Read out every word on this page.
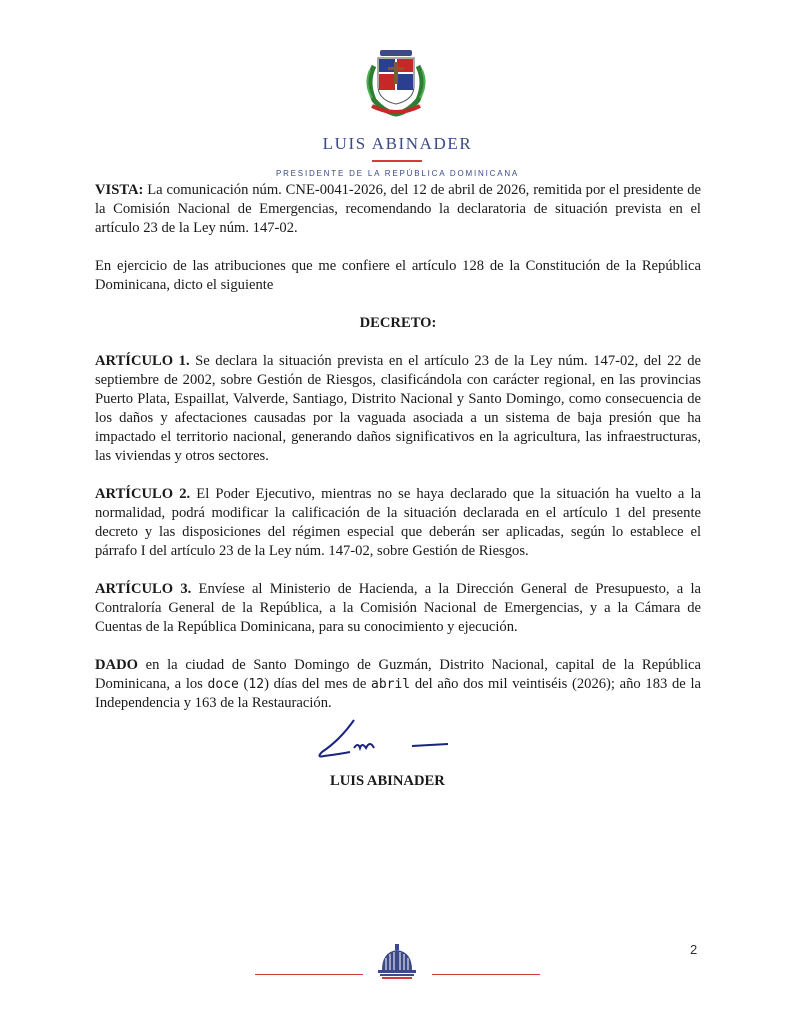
LUIS ABINADER
PRESIDENTE DE LA REPÚBLICA DOMINICANA

VISTA: La comunicación núm. CNE-0041-2026, del 12 de abril de 2026, remitida por el presidente de la Comisión Nacional de Emergencias, recomendando la declaratoria de situación prevista en el artículo 23 de la Ley núm. 147-02.

En ejercicio de las atribuciones que me confiere el artículo 128 de la Constitución de la República Dominicana, dicto el siguiente

DECRETO:

ARTÍCULO 1. Se declara la situación prevista en el artículo 23 de la Ley núm. 147-02, del 22 de septiembre de 2002, sobre Gestión de Riesgos, clasificándola con carácter regional, en las provincias Puerto Plata, Espaillat, Valverde, Santiago, Distrito Nacional y Santo Domingo, como consecuencia de los daños y afectaciones causadas por la vaguada asociada a un sistema de baja presión que ha impactado el territorio nacional, generando daños significativos en la agricultura, las infraestructuras, las viviendas y otros sectores.

ARTÍCULO 2. El Poder Ejecutivo, mientras no se haya declarado que la situación ha vuelto a la normalidad, podrá modificar la calificación de la situación declarada en el artículo 1 del presente decreto y las disposiciones del régimen especial que deberán ser aplicadas, según lo establece el párrafo I del artículo 23 de la Ley núm. 147-02, sobre Gestión de Riesgos.

ARTÍCULO 3. Envíese al Ministerio de Hacienda, a la Dirección General de Presupuesto, a la Contraloría General de la República, a la Comisión Nacional de Emergencias, y a la Cámara de Cuentas de la República Dominicana, para su conocimiento y ejecución.

DADO en la ciudad de Santo Domingo de Guzmán, Distrito Nacional, capital de la República Dominicana, a los doce (12) días del mes de abril del año dos mil veintiséis (2026); año 183 de la Independencia y 163 de la Restauración.

LUIS ABINADER
2
